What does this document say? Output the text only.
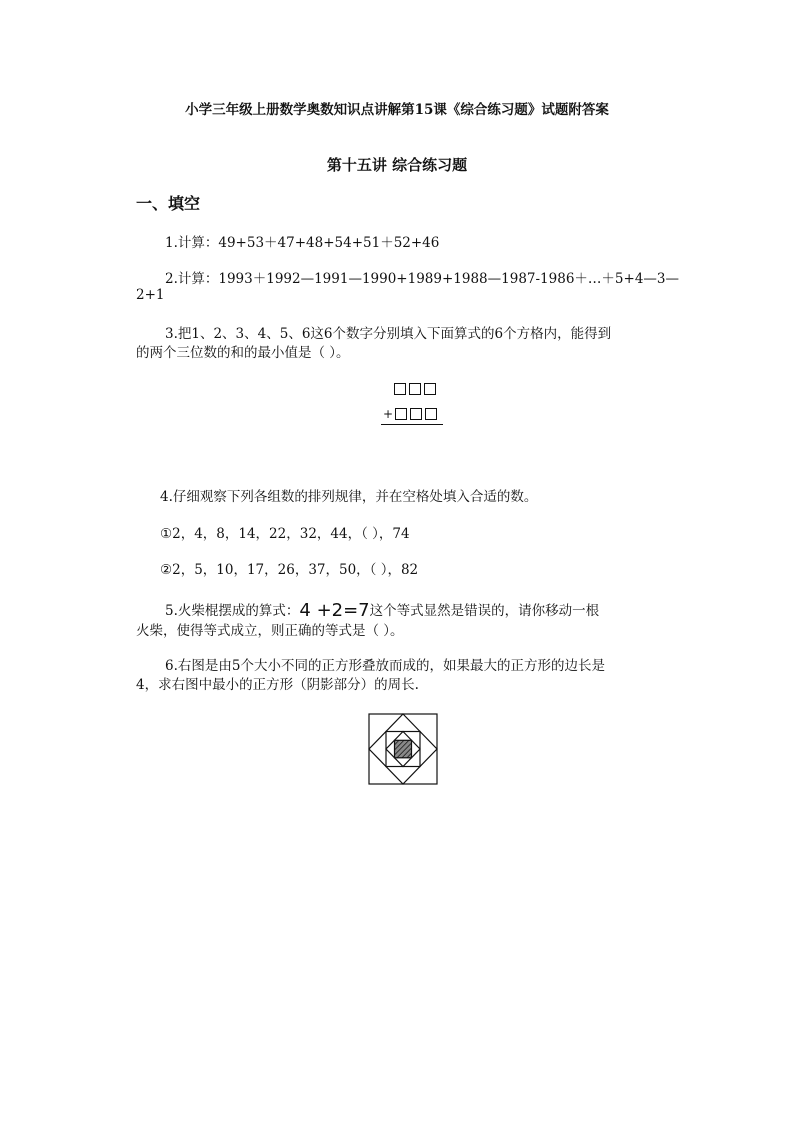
小学三年级上册数学奥数知识点讲解第15课《综合练习题》试题附答案
第十五讲 综合练习题
一、填空
1.计算：49+53＋47+48+54+51＋52+46
2.计算：1993＋1992—1991—1990+1989+1988—1987-1986＋…＋5+4—3—
2+1
3.把1、2、3、4、5、6这6个数字分别填入下面算式的6个方格内，能得到
的两个三位数的和的最小值是（ ）。
+
4.仔细观察下列各组数的排列规律，并在空格处填入合适的数。
①2，4，8，14，22，32，44，（ ），74
②2，5，10，17，26，37，50，（ ），82
5.火柴棍摆成的算式：4 +2=7这个等式显然是错误的，请你移动一根
火柴，使得等式成立，则正确的等式是（ ）。
6.右图是由5个大小不同的正方形叠放而成的，如果最大的正方形的边长是
4，求右图中最小的正方形（阴影部分）的周长.
